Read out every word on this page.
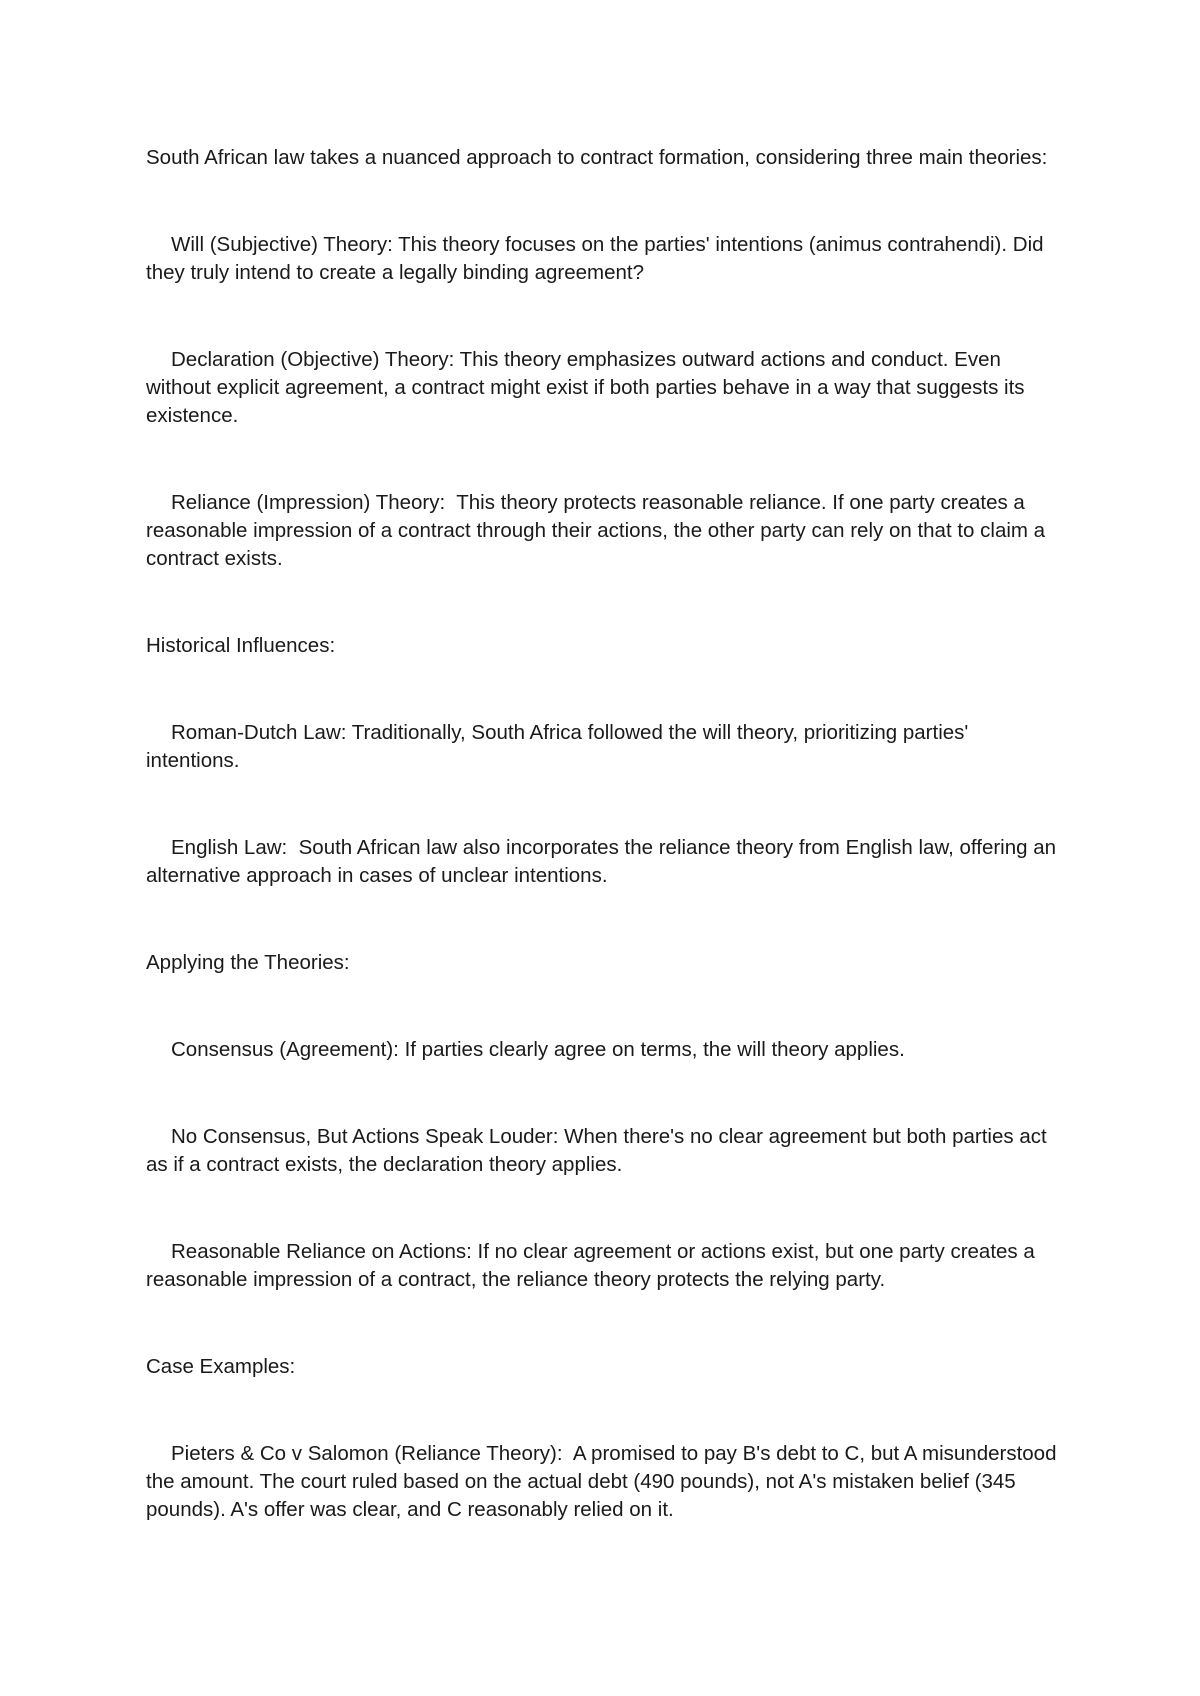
South African law takes a nuanced approach to contract formation, considering three main theories:

Will (Subjective) Theory: This theory focuses on the parties' intentions (animus contrahendi). Did they truly intend to create a legally binding agreement?

Declaration (Objective) Theory: This theory emphasizes outward actions and conduct. Even without explicit agreement, a contract might exist if both parties behave in a way that suggests its existence.

Reliance (Impression) Theory:  This theory protects reasonable reliance. If one party creates a reasonable impression of a contract through their actions, the other party can rely on that to claim a contract exists.

Historical Influences:

Roman-Dutch Law: Traditionally, South Africa followed the will theory, prioritizing parties' intentions.

English Law:  South African law also incorporates the reliance theory from English law, offering an alternative approach in cases of unclear intentions.

Applying the Theories:

Consensus (Agreement): If parties clearly agree on terms, the will theory applies.

No Consensus, But Actions Speak Louder: When there's no clear agreement but both parties act as if a contract exists, the declaration theory applies.

Reasonable Reliance on Actions: If no clear agreement or actions exist, but one party creates a reasonable impression of a contract, the reliance theory protects the relying party.

Case Examples:

Pieters & Co v Salomon (Reliance Theory):  A promised to pay B's debt to C, but A misunderstood the amount. The court ruled based on the actual debt (490 pounds), not A's mistaken belief (345 pounds). A's offer was clear, and C reasonably relied on it.
